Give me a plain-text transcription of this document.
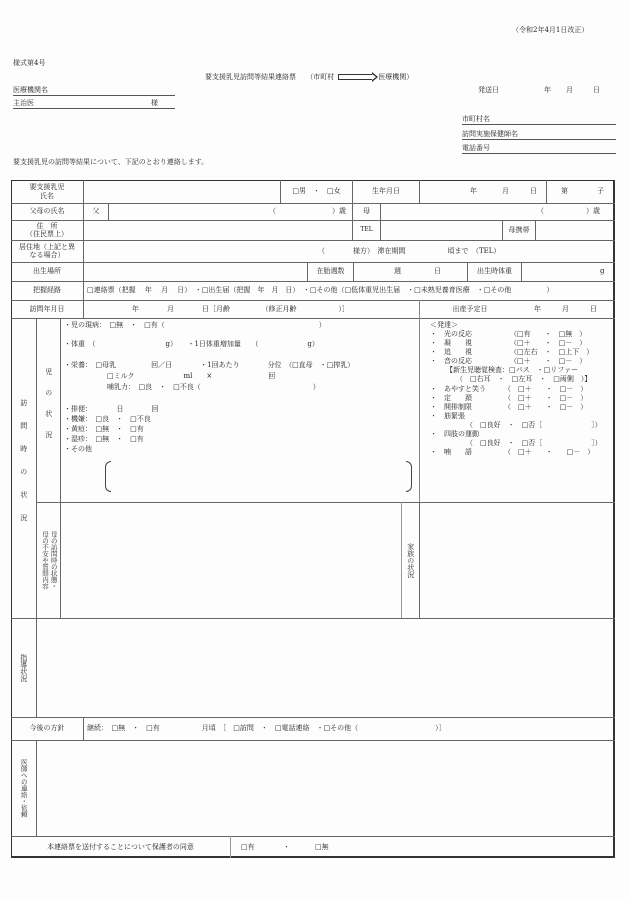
（令和2年4月1日改正）
様式第4号
要支援乳児訪問等結果連絡票 （市町村	医療機関）
医療機関名
主治医	様
発送日	年 月	日
市町村名
訪問実施保健師名
電話番号
要支援乳児の訪問等結果について、下記のとおり連絡します。
要支援乳児
氏名
□男　・　□女	生年月日	年	月	日	第	子
父母の氏名	父	（　　　　　　　　）歳	母	（　　　　　　）歳
住　所
（住民票上）
TEL	母携帯
居住地（上記と異
なる場合）
（　　　　様方）　滞在期間　　　　　　頃まで　（TEL）
出生場所	在胎週数	週	日	出生時体重	g
把握経路	□連絡票（把握　 年　 月　 日）　・□出生届（把握　年　月　日）　・□その他（□低体重児出生届　・□未熟児養育医療　・□その他　　　　　）
訪問年月日	年　　　　月　　　　日［月齢　　　　　（修正月齢　　　　　　）］	出産予定日	年　　　月　　　日
訪問時の状況 児の状況
・児の現病：　□無　・　□有（　　　　　　　　　　　　　　　　　　　　　　）
・体重　（　　　　　　　　　　g）　　・1日体重増加量　　（　　　　　　　g）
・栄養：　□母乳　　　　　回／日　　　　・1回あたり　　　　分位　（□直母　・□搾乳）
□ミルク　　　　　　　ml　　×　　　　　　　　回
哺乳力：　□良　・　□不良（　　　　　　　　　　　　　　　　）
・排便：　　　　日　　　　回
・機嫌：　□良　・　□不良
・黄疸：　□無　・　□有
・湿疹：　□無　・　□有
・その他
＜発達＞
・　光の反応	（□有　　・　□無　）
・　凝　　視	（□＋　　・　□－　）
・　追　　視	（□左右　・　□上下　）
・　音の反応	（□＋　　・　□－　）
【新生児聴覚検査：□パス　・□リファー
（　□右耳　・　□左耳　・　□両側　）】
・　あやすと笑う	（　□＋　　・　□－　）
・　定　　頚	（　□＋　　・　□－　）
・　開排制限	（　□＋　　・　□－　）
・　筋緊張
（　□良好　・　□否［　　　　　　　］）
・　四肢の運動
（　□良好　・　□否［　　　　　　　］）
・　喃　　語	（　□＋　　・　　□－　）
母の訪問時の状態・
母の不安や質問内容	家族の状況
指導状況
今後の方針	継続：　□無　・　□有　　　　　　月頃　［　□訪問　・　□電話連絡　・□その他（　　　　　　　　　　　）］
医師への連絡・依頼
本連絡票を送付することについて保護者の同意	□有	・	□無
